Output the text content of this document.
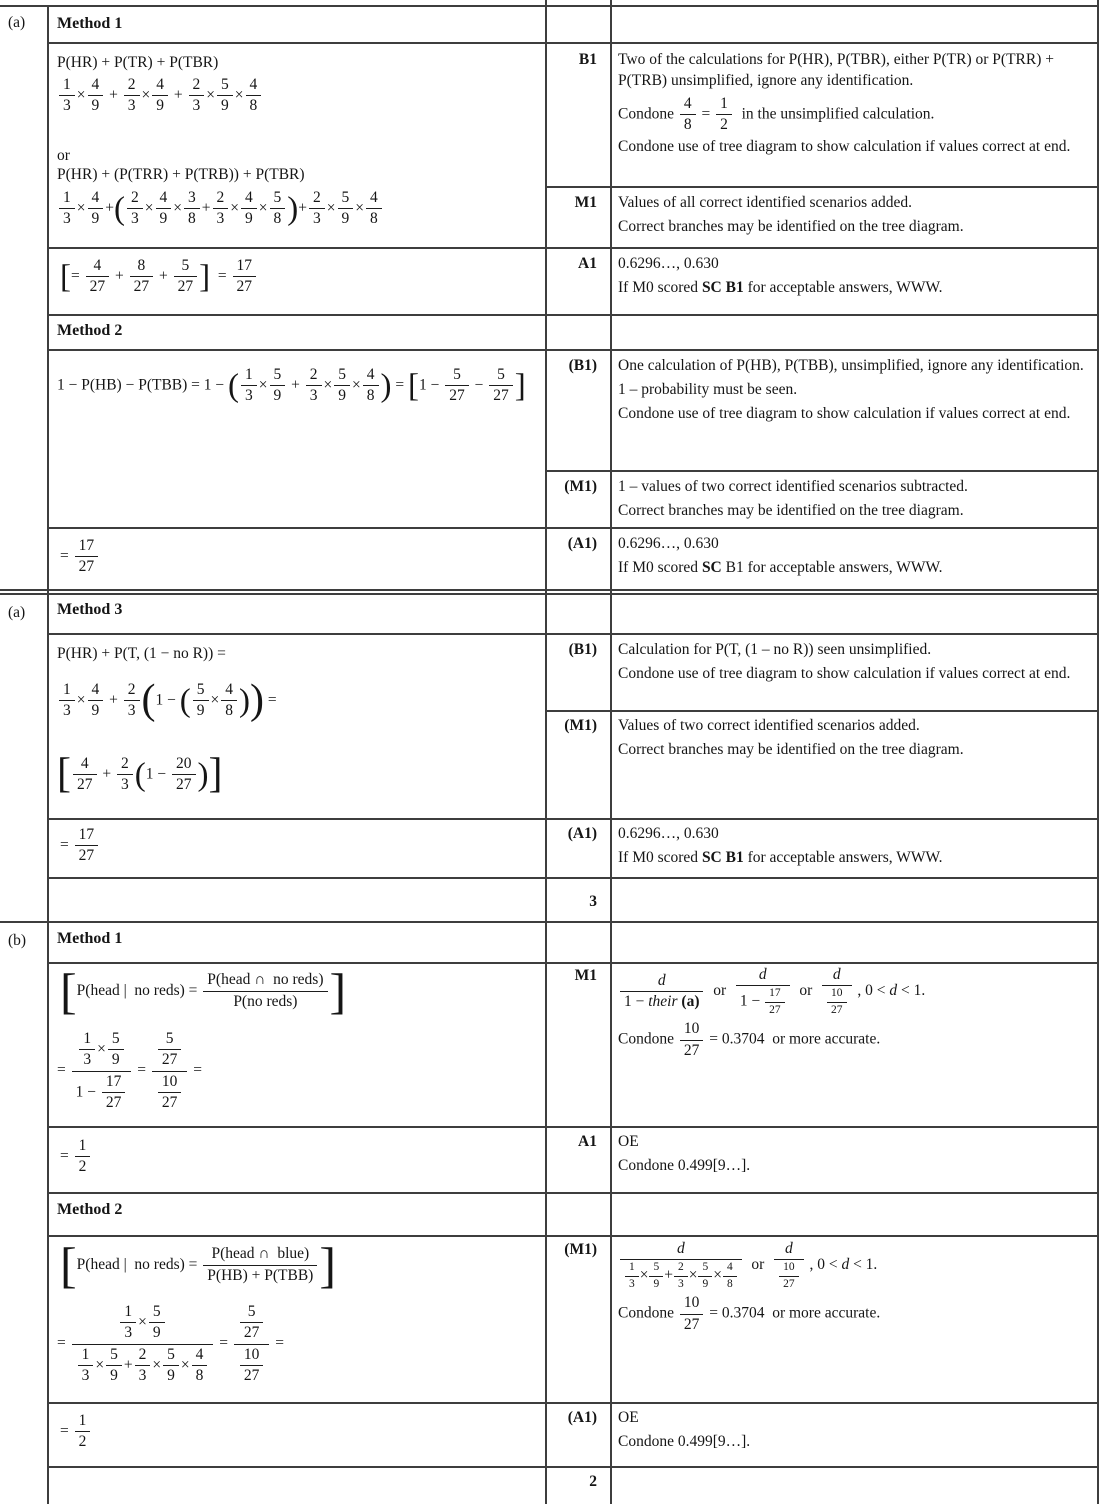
(a)
(a)
(b)
Method 1
Method 2
Method 3
Method 1
Method 2
P(HR) + P(TR) + P(TBR)
$\frac{1}{3} \times \frac{4}{9} + \frac{2}{3} \times \frac{4}{9} + \frac{2}{3} \times \frac{5}{9} \times \frac{4}{8}$
or
P(HR) + (P(TRR) + P(TRB)) + P(TBR)
$\frac{1}{3} \times \frac{4}{9}$ +( $\frac{2}{3} \times \frac{4}{9} \times \frac{3}{8} + \frac{2}{3} \times \frac{4}{9} \times \frac{5}{8}$ )+ $\frac{2}{3} \times \frac{5}{9} \times \frac{4}{8}$
[= $\frac{4}{27} + \frac{8}{27} + \frac{5}{27}$ ]  = $\frac{17}{27}$
1 − P(HB) − P(TBB) = 1 − ( $\frac{1}{3} \times \frac{5}{9} + \frac{2}{3} \times \frac{5}{9} \times \frac{4}{8}$ ) = [$1 - \frac{5}{27} - \frac{5}{27}$ ]
= $\frac{17}{27}$
P(HR) + P(T, (1 − no R)) =
$\frac{1}{3} \times \frac{4}{9} + \frac{2}{3} (1$ − ( $\frac{5}{9} \times \frac{4}{8}$ )) =
[ $\frac{4}{27} + \frac{2}{3} (1 - \frac{20}{27}$ )]
= $\frac{17}{27}$
[P(head |  no reds) =
P(head ∩  no reds)
P(no reds) ]
= $\frac{\frac{1}{3} \times \frac{5}{9}}{1 - \frac{17}{27}} = \frac{\frac{5}{27}}{\frac{10}{27}}$ =
= $\frac{1}{2}$
[P(head |  no reds) =
P(head ∩  blue)
P(HB) + P(TBB) ]
= $\frac{\frac{1}{3} \times \frac{5}{9}}{\frac{1}{3} \times \frac{5}{9} + \frac{2}{3} \times \frac{5}{9} \times \frac{4}{8}} = \frac{\frac{5}{27}}{\frac{10}{27}}$ =
= $\frac{1}{2}$
B1
M1
A1
(B1)
(M1)
(A1)
(B1)
(M1)
(A1)
3
M1
A1
(M1)
(A1)
2
Two of the calculations for P(HR), P(TBR), either P(TR) or P(TRR) + P(TRB) unsimplified, ignore any identification.
Condone $\frac{4}{8} = \frac{1}{2}$ in the unsimplified calculation.
Condone use of tree diagram to show calculation if values correct at end.
Values of all correct identified scenarios added.
Correct branches may be identified on the tree diagram.
0.6296…, 0.630
If M0 scored SC B1 for acceptable answers, WWW.
One calculation of P(HB), P(TBB), unsimplified, ignore any identification.
1 – probability must be seen.
Condone use of tree diagram to show calculation if values correct at end.
1 – values of two correct identified scenarios subtracted.
Correct branches may be identified on the tree diagram.
0.6296…, 0.630
If M0 scored SC B1 for acceptable answers, WWW.
Calculation for P(T, (1 – no R)) seen unsimplified.
Condone use of tree diagram to show calculation if values correct at end.
Values of two correct identified scenarios added.
Correct branches may be identified on the tree diagram.
0.6296…, 0.630
If M0 scored SC B1 for acceptable answers, WWW.
d
1 − their (a)
or $\frac{d}{1 - \frac{17}{27}}$ or $\frac{d}{\frac{10}{27}}$ , 0 < d < 1.
Condone $\frac{10}{27} = 0.3704$  or more accurate.
OE
Condone 0.499[9…].
$\frac{d}{\frac{1}{3} \times \frac{5}{9} + \frac{2}{3} \times \frac{5}{9} \times \frac{4}{8}}$ or $\frac{d}{\frac{10}{27}}$ , 0 < d < 1.
Condone $\frac{10}{27} = 0.3704$  or more accurate.
OE
Condone 0.499[9…].
